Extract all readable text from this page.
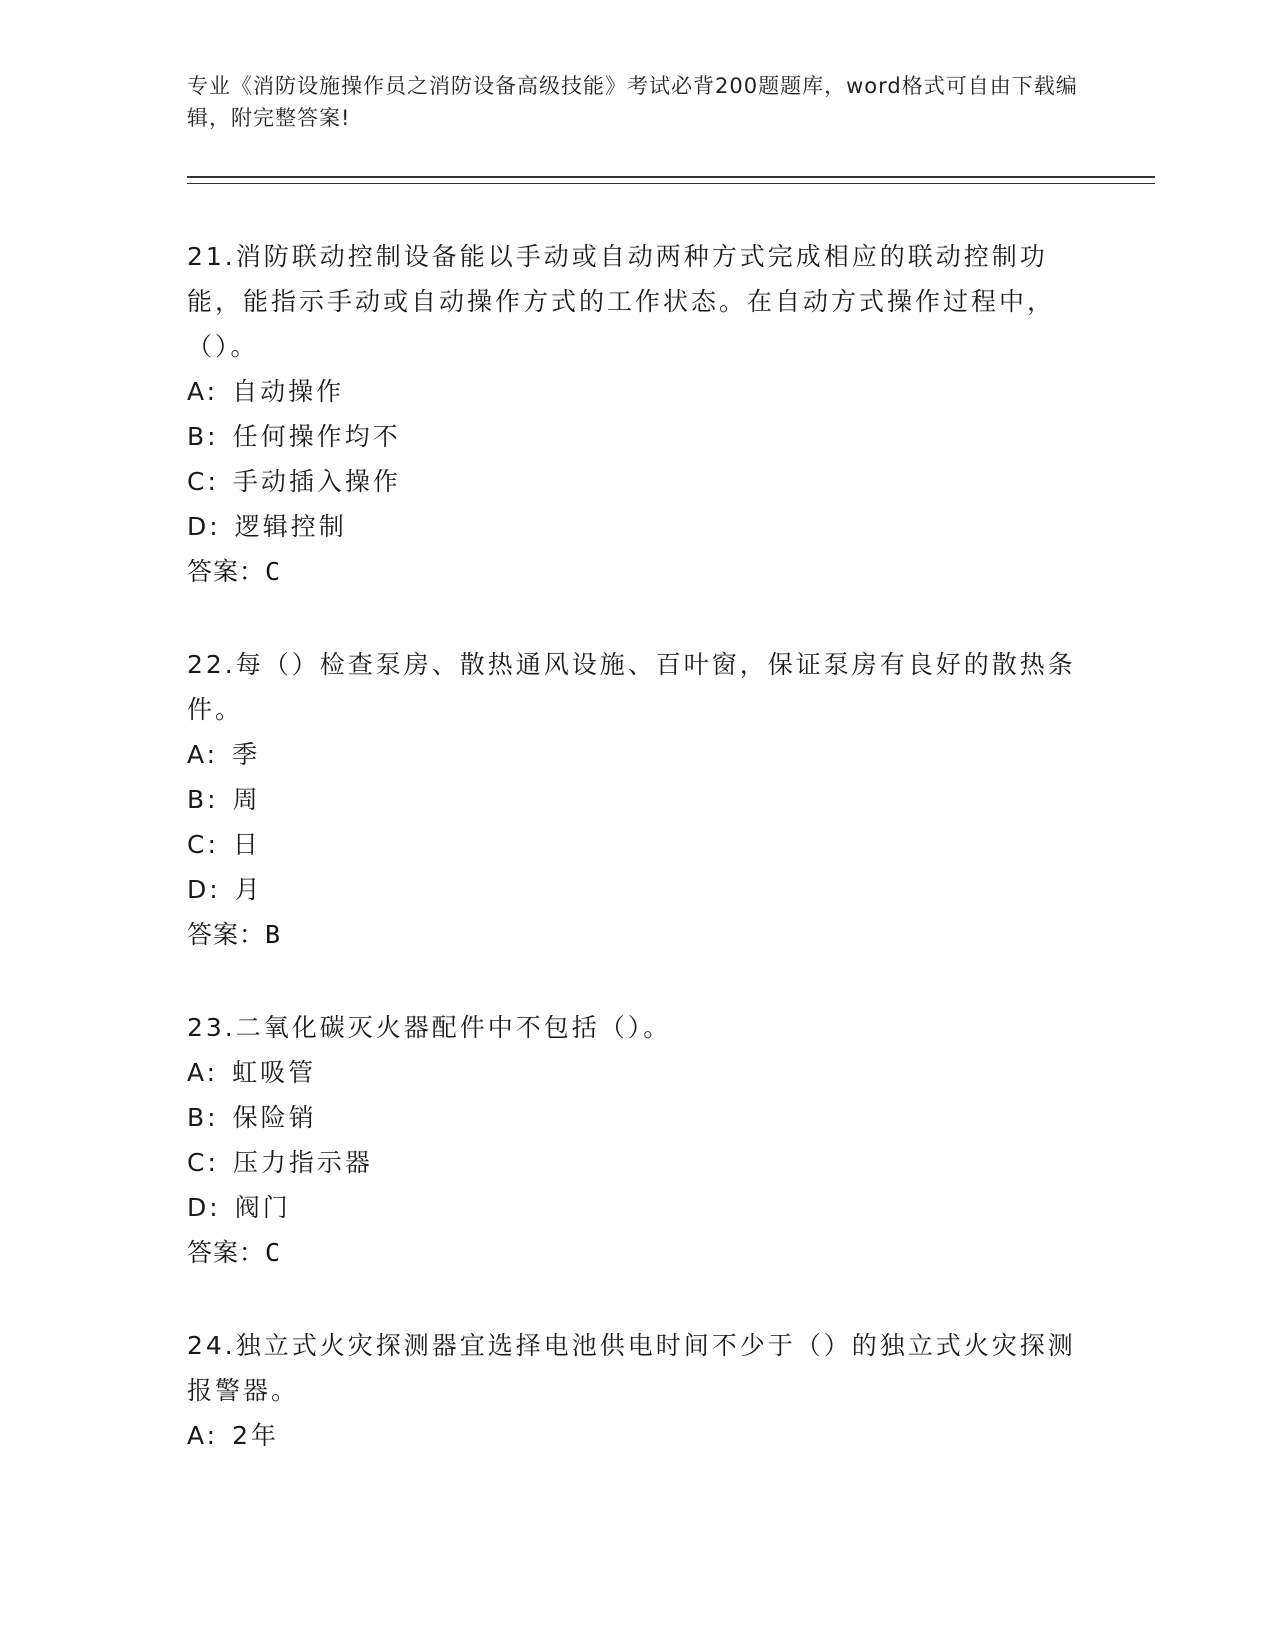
专业《消防设施操作员之消防设备高级技能》考试必背200题题库，word格式可自由下载编辑，附完整答案!
21.消防联动控制设备能以手动或自动两种方式完成相应的联动控制功能，能指示手动或自动操作方式的工作状态。在自动方式操作过程中，（）。
A: 自动操作
B: 任何操作均不
C: 手动插入操作
D: 逻辑控制
答案：C
22.每（）检查泵房、散热通风设施、百叶窗，保证泵房有良好的散热条件。
A: 季
B: 周
C: 日
D: 月
答案：B
23.二氧化碳灭火器配件中不包括（）。
A: 虹吸管
B: 保险销
C: 压力指示器
D: 阀门
答案：C
24.独立式火灾探测器宜选择电池供电时间不少于（）的独立式火灾探测报警器。
A: 2年
